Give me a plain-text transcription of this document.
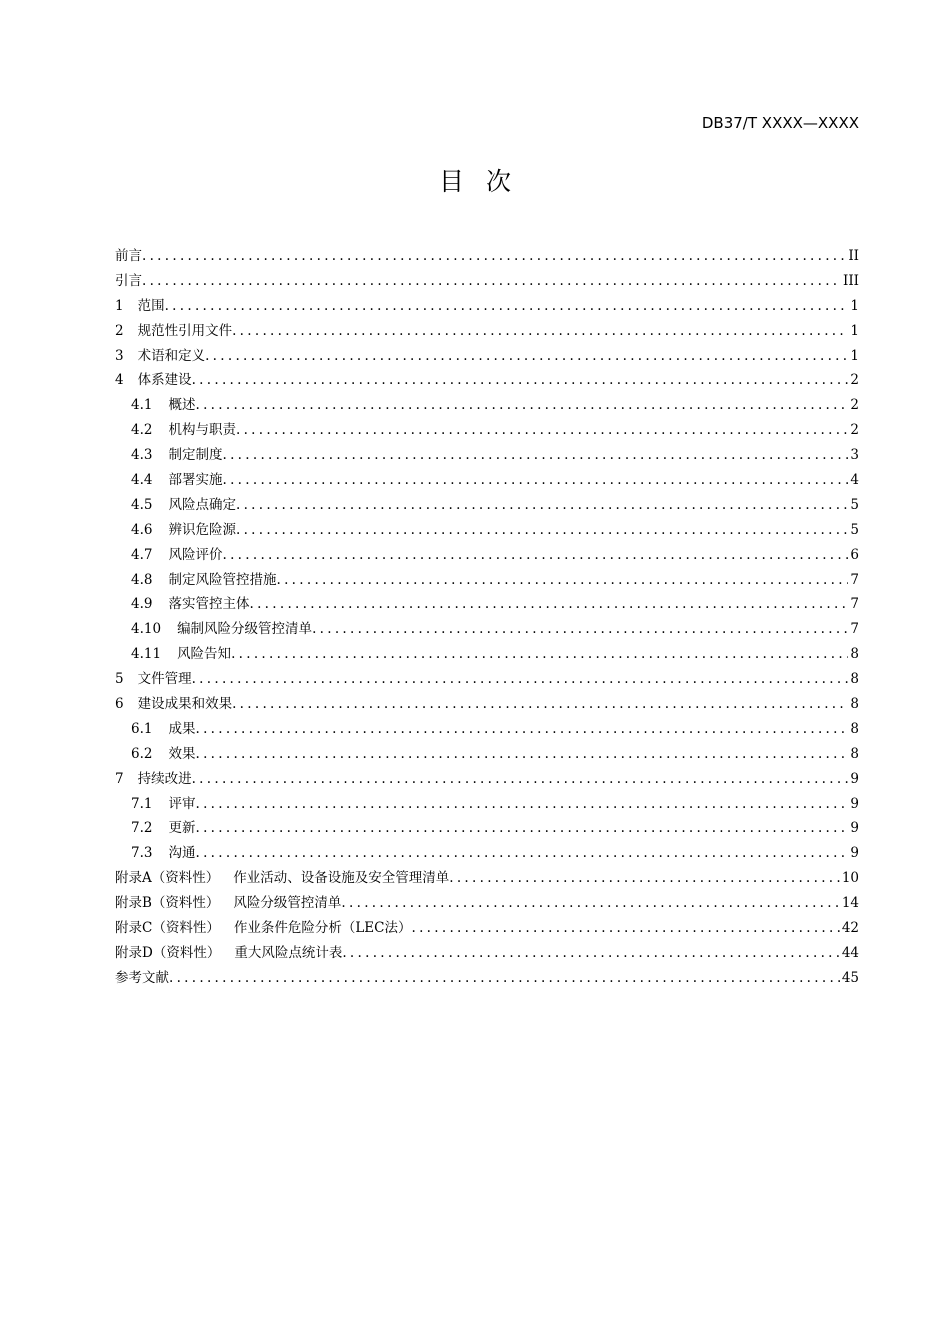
DB37/T XXXX—XXXX
目次
前言 .....	II
引言 .....	III
1 范围 .....	1
2 规范性引用文件 .....	1
3 术语和定义 .....	1
4 体系建设 .....	2
4.1 概述 .....	2
4.2 机构与职责 .....	2
4.3 制定制度 .....	3
4.4 部署实施 .....	4
4.5 风险点确定 .....	5
4.6 辨识危险源 .....	5
4.7 风险评价 .....	6
4.8 制定风险管控措施 .....	7
4.9 落实管控主体 .....	7
4.10 编制风险分级管控清单 .....	7
4.11 风险告知 .....	8
5 文件管理 .....	8
6 建设成果和效果 .....	8
6.1 成果 .....	8
6.2 效果 .....	8
7 持续改进 .....	9
7.1 评审 .....	9
7.2 更新 .....	9
7.3 沟通 .....	9
附录A（资料性） 作业活动、设备设施及安全管理清单 .....	10
附录B（资料性） 风险分级管控清单 .....	14
附录C（资料性） 作业条件危险分析（LEC法） .....	42
附录D（资料性） 重大风险点统计表 .....	44
参考文献 .....	45
